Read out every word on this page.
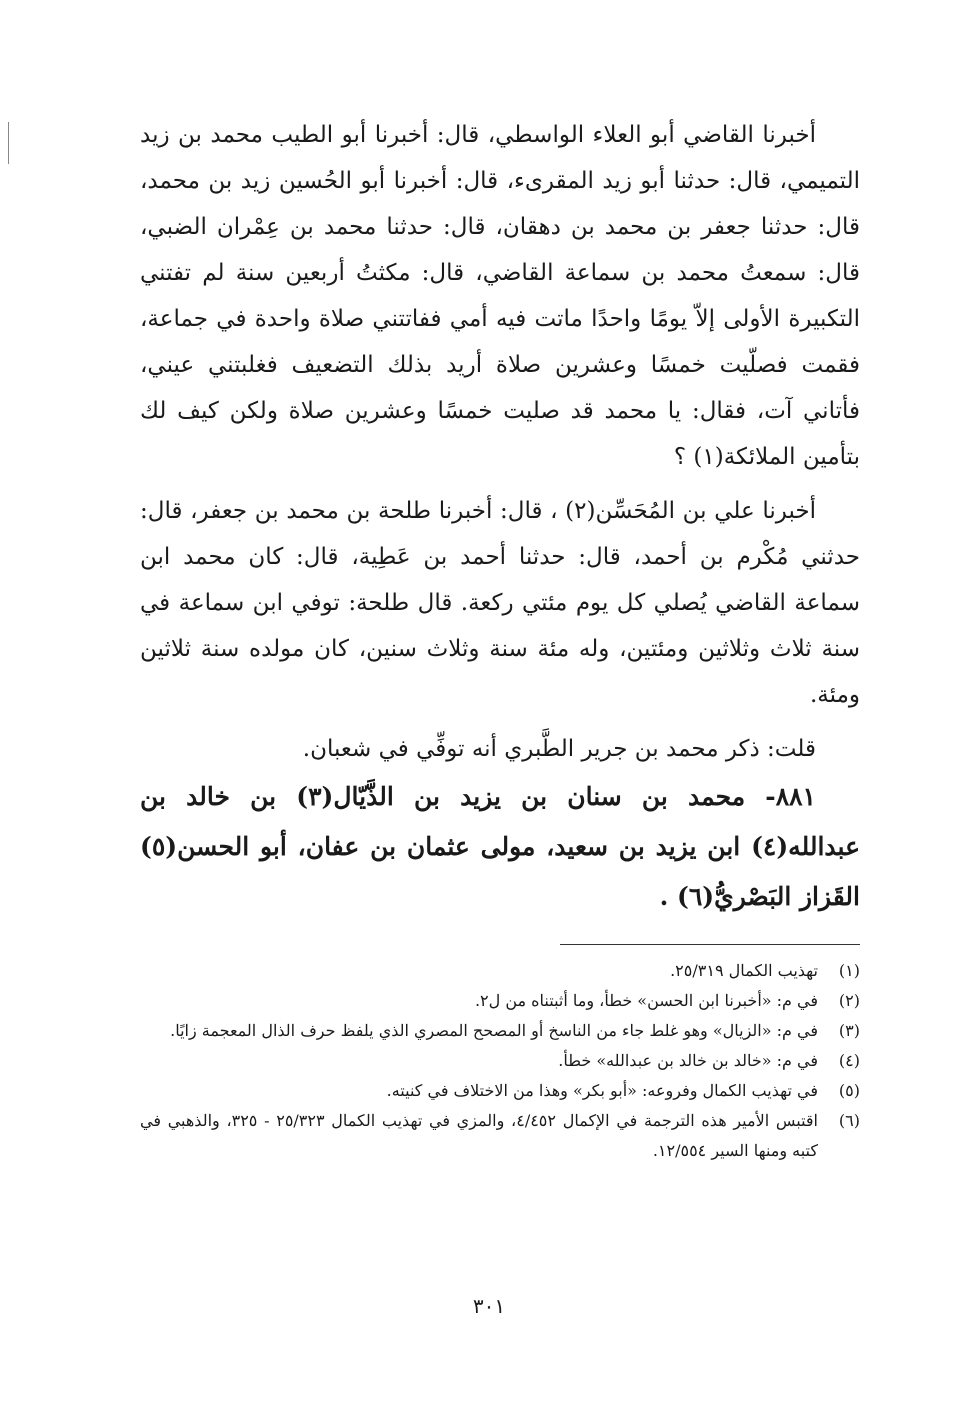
أخبرنا القاضي أبو العلاء الواسطي، قال: أخبرنا أبو الطيب محمد بن زيد التميمي، قال: حدثنا أبو زيد المقرىء، قال: أخبرنا أبو الحُسين زيد بن محمد، قال: حدثنا جعفر بن محمد بن دهقان، قال: حدثنا محمد بن عِمْران الضبي، قال: سمعتُ محمد بن سماعة القاضي، قال: مكثتُ أربعين سنة لم تفتني التكبيرة الأولى إلاّ يومًا واحدًا ماتت فيه أمي ففاتتني صلاة واحدة في جماعة، فقمت فصلّيت خمسًا وعشرين صلاة أريد بذلك التضعيف فغلبتني عيني، فأتاني آت، فقال: يا محمد قد صليت خمسًا وعشرين صلاة ولكن كيف لك بتأمين الملائكة(١) ؟

أخبرنا علي بن المُحَسِّن(٢) ، قال: أخبرنا طلحة بن محمد بن جعفر، قال: حدثني مُكْرم بن أحمد، قال: حدثنا أحمد بن عَطِية، قال: كان محمد ابن سماعة القاضي يُصلي كل يوم مئتي ركعة. قال طلحة: توفي ابن سماعة في سنة ثلاث وثلاثين ومئتين، وله مئة سنة وثلاث سنين، كان مولده سنة ثلاثين ومئة.

قلت: ذكر محمد بن جرير الطَّبري أنه توفِّي في شعبان.

٨٨١- محمد بن سنان بن يزيد بن الذَّيّال(٣) بن خالد بن عبدالله(٤) ابن يزيد بن سعيد، مولى عثمان بن عفان، أبو الحسن(٥) القَزاز البَصْريُّ(٦) .

(١)
تهذيب الكمال ٢٥/٣١٩.
(٢)
في م: «أخبرنا ابن الحسن» خطأ، وما أثبتناه من ل٢.
(٣)
في م: «الزيال» وهو غلط جاء من الناسخ أو المصحح المصري الذي يلفظ حرف الذال المعجمة زايًا.
(٤)
في م: «خالد بن خالد بن عبدالله» خطأ.
(٥)
في تهذيب الكمال وفروعه: «أبو بكر» وهذا من الاختلاف في كنيته.
(٦)
اقتبس الأمير هذه الترجمة في الإكمال ٤/٤٥٢، والمزي في تهذيب الكمال ٢٥/٣٢٣ - ٣٢٥، والذهبي في كتبه ومنها السير ١٢/٥٥٤.
٣٠١
